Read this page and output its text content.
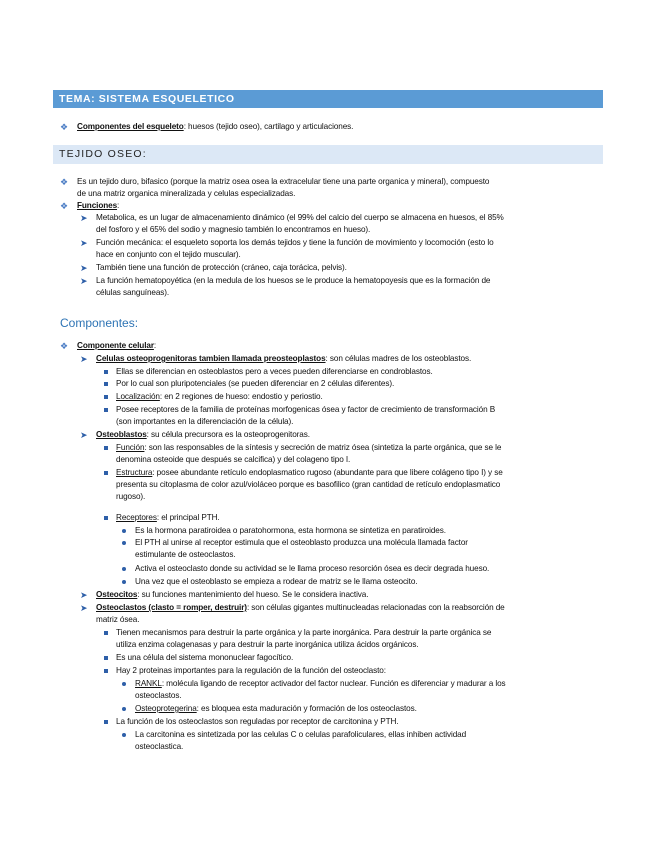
TEMA: SISTEMA ESQUELETICO
❖ Componentes del esqueleto: huesos (tejido oseo), cartilago y articulaciones.
TEJIDO OSEO:
❖ Es un tejido duro, bifasico (porque la matriz osea osea la extracelular tiene una parte organica y mineral), compuesto
de una matriz organica mineralizada y celulas especializadas.
❖ Funciones:
➤ Metabolica, es un lugar de almacenamiento dinámico (el 99% del calcio del cuerpo se almacena en huesos, el 85%
del fosforo y el 65% del sodio y magnesio también lo encontramos en hueso).
➤ Función mecánica: el esqueleto soporta los demás tejidos y tiene la función de movimiento y locomoción (esto lo
hace en conjunto con el tejido muscular).
➤ También tiene una función de protección (cráneo, caja torácica, pelvis).
➤ La función hematopoyética (en la medula de los huesos se le produce la hematopoyesis que es la formación de
células sanguíneas).
Componentes:
❖ Componente celular:
➤ Celulas osteoprogenitoras tambien llamada preosteoplastos: son células madres de los osteoblastos.
Ellas se diferencian en osteoblastos pero a veces pueden diferenciarse en condroblastos.
Por lo cual son pluripotenciales (se pueden diferenciar en 2 células diferentes).
Localización: en 2 regiones de hueso: endostio y periostio.
Posee receptores de la familia de proteínas morfogenicas ósea y factor de crecimiento de transformación B
(son importantes en la diferenciación de la célula).
➤ Osteoblastos: su célula precursora es la osteoprogenitoras.
Función: son las responsables de la síntesis y secreción de matriz ósea (sintetiza la parte orgánica, que se le
denomina osteoide que después se calcifica) y del colageno tipo I.
Estructura: posee abundante retículo endoplasmatico rugoso (abundante para que libere colágeno tipo I) y se
presenta su citoplasma de color azul/violáceo porque es basofilico (gran cantidad de retículo endoplasmatico
rugoso).
Receptores: el principal PTH.
Es la hormona paratiroidea o paratohormona, esta hormona se sintetiza en paratiroides.
El PTH al unirse al receptor estimula que el osteoblasto produzca una molécula llamada factor
estimulante de osteoclastos.
Activa el osteoclasto donde su actividad se le llama proceso resorción ósea es decir degrada hueso.
Una vez que el osteoblasto se empieza a rodear de matriz se le llama osteocito.
➤ Osteocitos: su funciones mantenimiento del hueso. Se le considera inactiva.
➤ Osteoclastos (clasto = romper, destruir): son células gigantes multinucleadas relacionadas con la reabsorción de
matriz ósea.
Tienen mecanismos para destruir la parte orgánica y la parte inorgánica. Para destruir la parte orgánica se
utiliza enzima colagenasas y para destruir la parte inorgánica utiliza ácidos orgánicos.
Es una célula del sistema mononuclear fagocítico.
Hay 2 proteinas importantes para la regulación de la función del osteoclasto:
RANKL: molécula ligando de receptor activador del factor nuclear. Función es diferenciar y madurar a los
osteoclastos.
Osteoprotegerina: es bloquea esta maduración y formación de los osteoclastos.
La función de los osteoclastos son reguladas por receptor de carcitonina y PTH.
La carcitonina es sintetizada por las celulas C o celulas parafoliculares, ellas inhiben actividad
osteoclastica.
